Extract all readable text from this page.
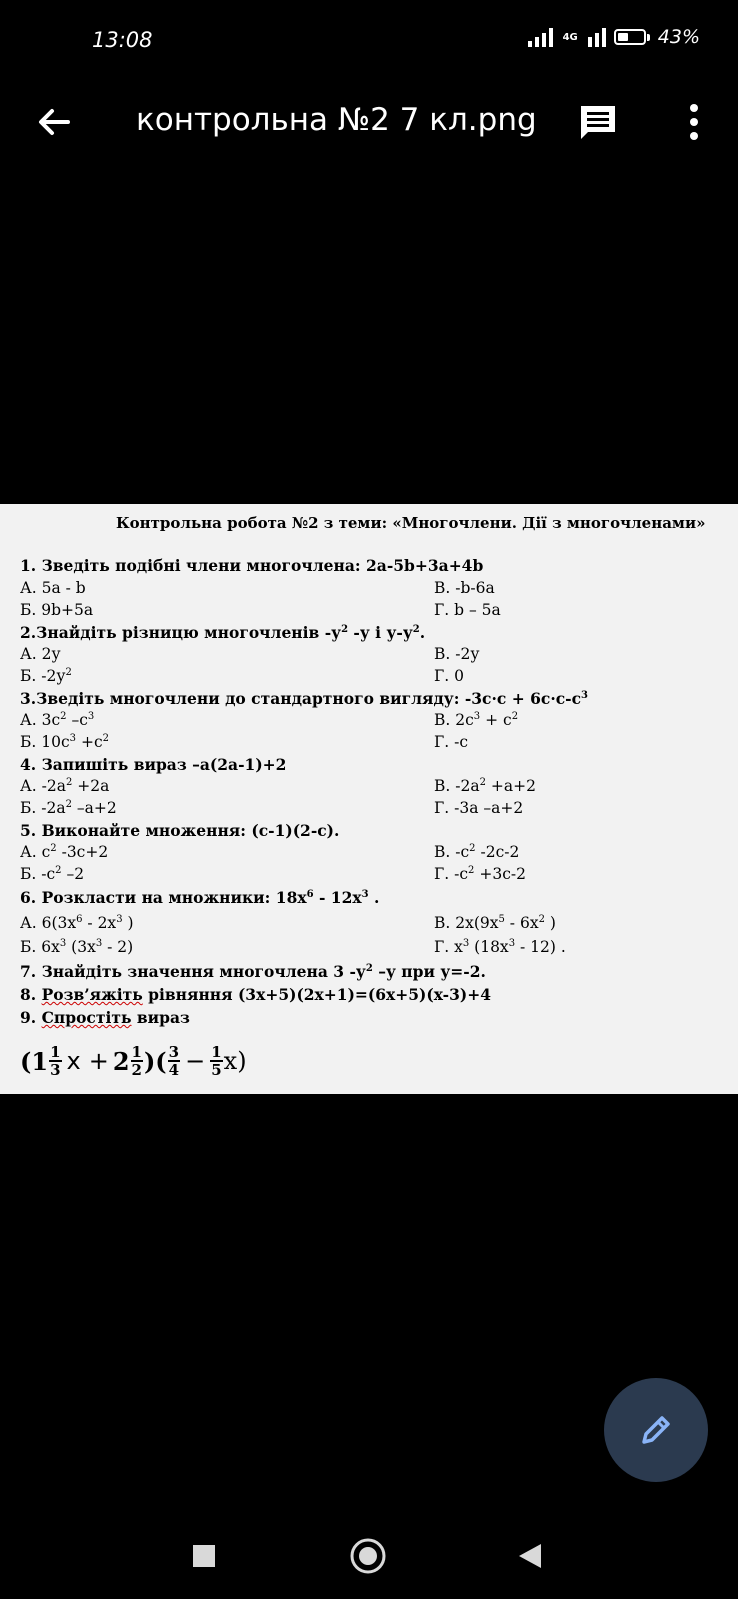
13:08	4G	43%
контрольна №2 7 кл.png
Контрольна робота №2 з теми: «Многочлени. Дії з многочленами»
1. Зведіть подібні члени многочлена: 2a-5b+3a+4b
А. 5a - b	В. -b-6a
Б. 9b+5a	Г. b – 5a
2.Знайдіть різницю многочленів $-у^2$ -у і $у-у^2$.
А. 2у	В. -2у
Б. $-2у^2$	Г. 0
3.Зведіть многочлени до стандартного вигляду: $-3c\cdot c + 6c\cdot c-c^3$
А. $3c^2$ $-c^3$	В. $2c^3 + c^2$
Б. $10c^3 +c^2$	Г. -c
4. Запишіть вираз –a(2a-1)+2
А. $-2a^2 +2a$	В. $-2a^2 +a+2$
Б. $-2a^2$ –a+2	Г. -3a –a+2
5. Виконайте множення: (c-1)(2-c).
А. $c^2$ -3c+2	В. $-c^2$ -2c-2
Б. $-c^2$ –2	Г. $-c^2 +3c-2$
6. Розкласти на множники: $18x^6 - 12x^3$ .
А. $6(3x^6 - 2x^3$ )	В. $2x(9x^5 - 6x^2$ )
Б. $6x^3$ $(3x^3 - 2)$	Г. $x^3$ $(18x^3 - 12)$ .
7. Знайдіть значення многочлена 3 $-у^2$ –у при у=-2.
8. Розв’яжіть рівняння (3x+5)(2x+1)=(6x+5)(x-3)+4
9. Спростіть вираз
($1 \frac{1}{3}$ $x + 2 \frac{1}{2}$ )( $\frac{3}{4} - \frac{1}{5} x$)
